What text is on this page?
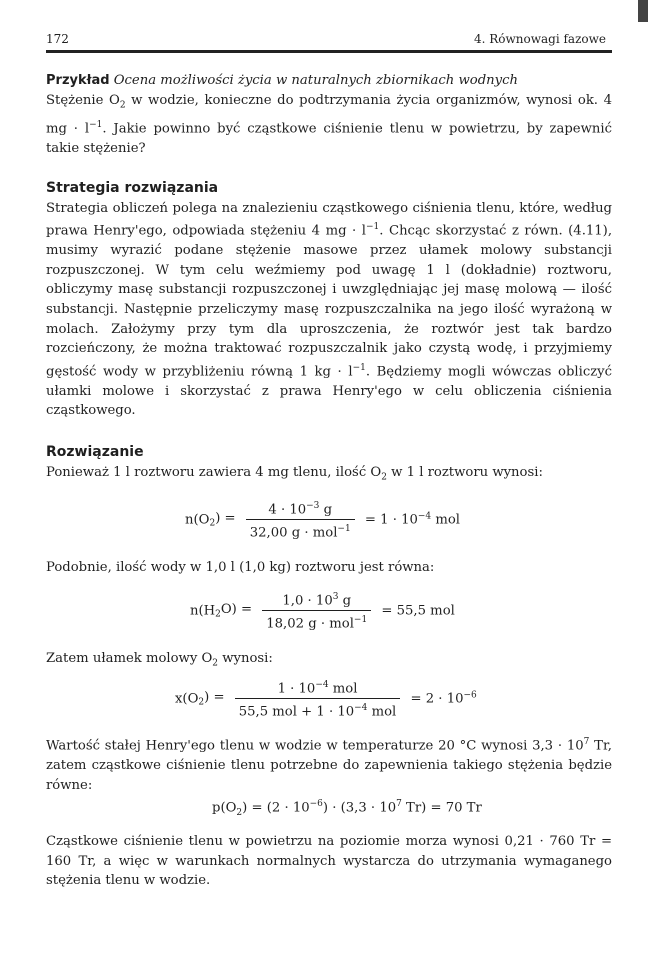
172	4. Równowagi fazowe
Przykład Ocena możliwości życia w naturalnych zbiornikach wodnych
Stężenie $O_2$ w wodzie, konieczne do podtrzymania życia organizmów, wynosi ok. 4 mg · $l^{-1}$. Jakie powinno być cząstkowe ciśnienie tlenu w powietrzu, by zapewnić takie stężenie?
Strategia rozwiązania
Strategia obliczeń polega na znalezieniu cząstkowego ciśnienia tlenu, które, według prawa Henry'ego, odpowiada stężeniu 4 mg · $l^{-1}$. Chcąc skorzystać z równ. (4.11), musimy wyrazić podane stężenie masowe przez ułamek molowy substancji rozpuszczonej. W tym celu weźmiemy pod uwagę 1 l (dokładnie) roztworu, obliczymy masę substancji rozpuszczonej i uwzględniając jej masę molową — ilość substancji. Następnie przeliczymy masę rozpuszczalnika na jego ilość wyrażoną w molach. Założymy przy tym dla uproszczenia, że roztwór jest tak bardzo rozcieńczony, że można traktować rozpuszczalnik jako czystą wodę, i przyjmiemy gęstość wody w przybliżeniu równą 1 kg · $l^{-1}$. Będziemy mogli wówczas obliczyć ułamki molowe i skorzystać z prawa Henry'ego w celu obliczenia ciśnienia cząstkowego.
Rozwiązanie
Ponieważ 1 l roztworu zawiera 4 mg tlenu, ilość $O_2$ w 1 l roztworu wynosi:
$n(O_2) = \frac{4 \cdot 10^{-3} g}{32,00 g \cdot mol^{-1}} = 1 \cdot 10^{-4}$ mol
Podobnie, ilość wody w 1,0 l (1,0 kg) roztworu jest równa:
$n(H_2O) = \frac{1,0 \cdot 10^3 g}{18,02 g \cdot mol^{-1}} = 55,5$ mol
Zatem ułamek molowy $O_2$ wynosi:
$x(O_2) = \frac{1 \cdot 10^{-4} mol}{55,5 mol + 1 \cdot 10^{-4} mol} = 2 \cdot 10^{-6}$
Wartość stałej Henry'ego tlenu w wodzie w temperaturze 20 °C wynosi $3,3 \cdot 10^7$ Tr, zatem cząstkowe ciśnienie tlenu potrzebne do zapewnienia takiego stężenia będzie równe:
$p(O_2) = (2 \cdot 10^{-6}) \cdot (3,3 \cdot 10^7$ Tr) = 70 Tr
Cząstkowe ciśnienie tlenu w powietrzu na poziomie morza wynosi 0,21 · 760 Tr = 160 Tr, a więc w warunkach normalnych wystarcza do utrzymania wymaganego stężenia tlenu w wodzie.
